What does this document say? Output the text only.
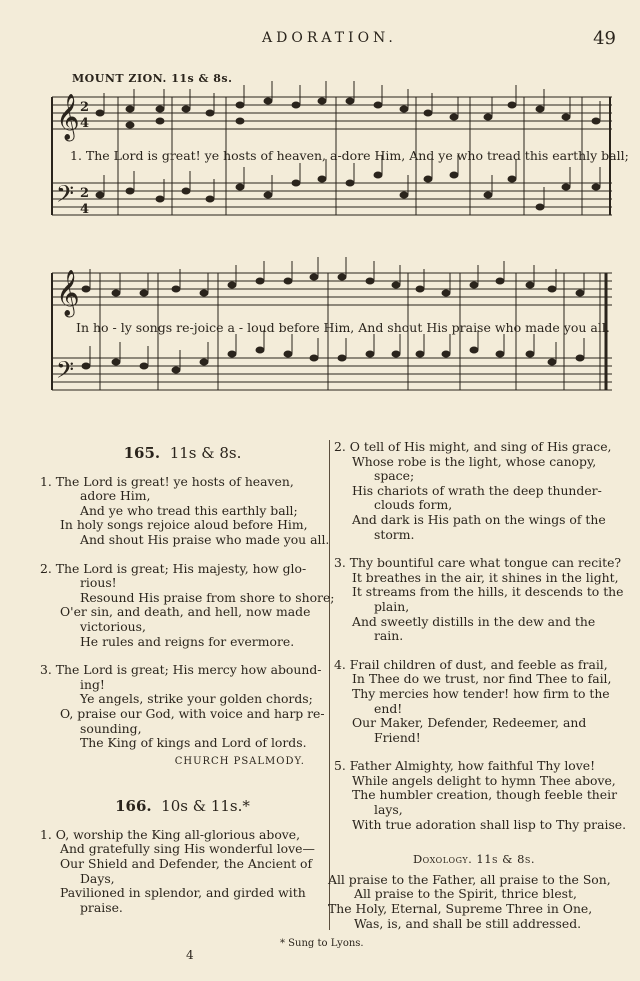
ADORATION.	49
MOUNT ZION. 11s & 8s.
𝄞
𝄢
2
4
2
4
𝄞
𝄢
1. The Lord is great! ye hosts of heaven, a-dore Him, And ye who tread this earthly ball;
In ho - ly songs re-joice a - loud before Him, And shout His praise who made you all.
165. 11s & 8s.
1. The Lord is great! ye hosts of heaven,
adore Him,
And ye who tread this earthly ball;
In holy songs rejoice aloud before Him,
And shout His praise who made you all.
2. The Lord is great; His majesty, how glo-
rious!
Resound His praise from shore to shore;
O'er sin, and death, and hell, now made
victorious,
He rules and reigns for evermore.
3. The Lord is great; His mercy how abound-
ing!
Ye angels, strike your golden chords;
O, praise our God, with voice and harp re-
sounding,
The King of kings and Lord of lords.
CHURCH PSALMODY.
166. 10s & 11s.*
1. O, worship the King all-glorious above,
And gratefully sing His wonderful love—
Our Shield and Defender, the Ancient of
Days,
Pavilioned in splendor, and girded with
praise.
2. O tell of His might, and sing of His grace,
Whose robe is the light, whose canopy,
space;
His chariots of wrath the deep thunder-
clouds form,
And dark is His path on the wings of the
storm.
3. Thy bountiful care what tongue can recite?
It breathes in the air, it shines in the light,
It streams from the hills, it descends to the
plain,
And sweetly distills in the dew and the
rain.
4. Frail children of dust, and feeble as frail,
In Thee do we trust, nor find Thee to fail,
Thy mercies how tender! how firm to the
end!
Our Maker, Defender, Redeemer, and
Friend!
5. Father Almighty, how faithful Thy love!
While angels delight to hymn Thee above,
The humbler creation, though feeble their
lays,
With true adoration shall lisp to Thy praise.
Doxology. 11s & 8s.
All praise to the Father, all praise to the Son,
All praise to the Spirit, thrice blest,
The Holy, Eternal, Supreme Three in One,
Was, is, and shall be still addressed.
* Sung to Lyons.
4
